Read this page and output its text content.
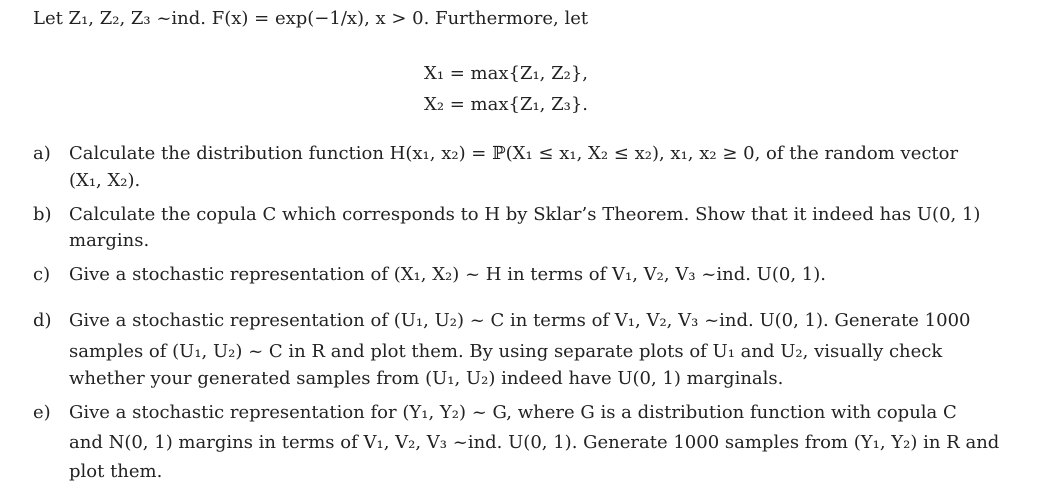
Let Z₁, Z₂, Z₃ ~ind. F(x) = exp(−1/x), x > 0. Furthermore, let
X₁ = max{Z₁, Z₂},
X₂ = max{Z₁, Z₃}.
a) Calculate the distribution function H(x₁, x₂) = ℙ(X₁ ≤ x₁, X₂ ≤ x₂), x₁, x₂ ≥ 0, of the random vector
(X₁, X₂).
b) Calculate the copula C which corresponds to H by Sklar’s Theorem. Show that it indeed has U(0, 1)
margins.
c) Give a stochastic representation of (X₁, X₂) ~ H in terms of V₁, V₂, V₃ ~ind. U(0, 1).
d) Give a stochastic representation of (U₁, U₂) ~ C in terms of V₁, V₂, V₃ ~ind. U(0, 1). Generate 1000
samples of (U₁, U₂) ~ C in R and plot them. By using separate plots of U₁ and U₂, visually check
whether your generated samples from (U₁, U₂) indeed have U(0, 1) marginals.
e) Give a stochastic representation for (Y₁, Y₂) ~ G, where G is a distribution function with copula C
and N(0, 1) margins in terms of V₁, V₂, V₃ ~ind. U(0, 1). Generate 1000 samples from (Y₁, Y₂) in R and
plot them.
